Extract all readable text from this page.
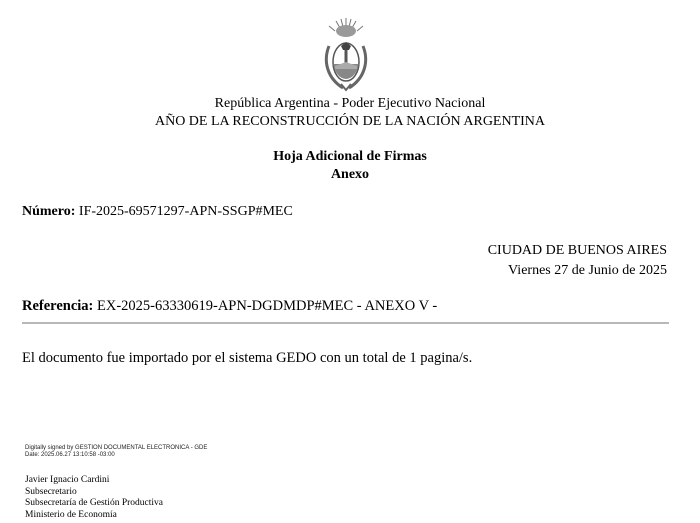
República Argentina - Poder Ejecutivo Nacional
AÑO DE LA RECONSTRUCCIÓN DE LA NACIÓN ARGENTINA
Hoja Adicional de Firmas
Anexo
Número: IF-2025-69571297-APN-SSGP#MEC
CIUDAD DE BUENOS AIRES
Viernes 27 de Junio de 2025
Referencia: EX-2025-63330619-APN-DGDMDP#MEC - ANEXO V -
El documento fue importado por el sistema GEDO con un total de 1 pagina/s.
Digitally signed by GESTION DOCUMENTAL ELECTRONICA - GDE
Date: 2025.06.27 13:10:58 -03:00
Javier Ignacio Cardini
Subsecretario
Subsecretaría de Gestión Productiva
Ministerio de Economía
